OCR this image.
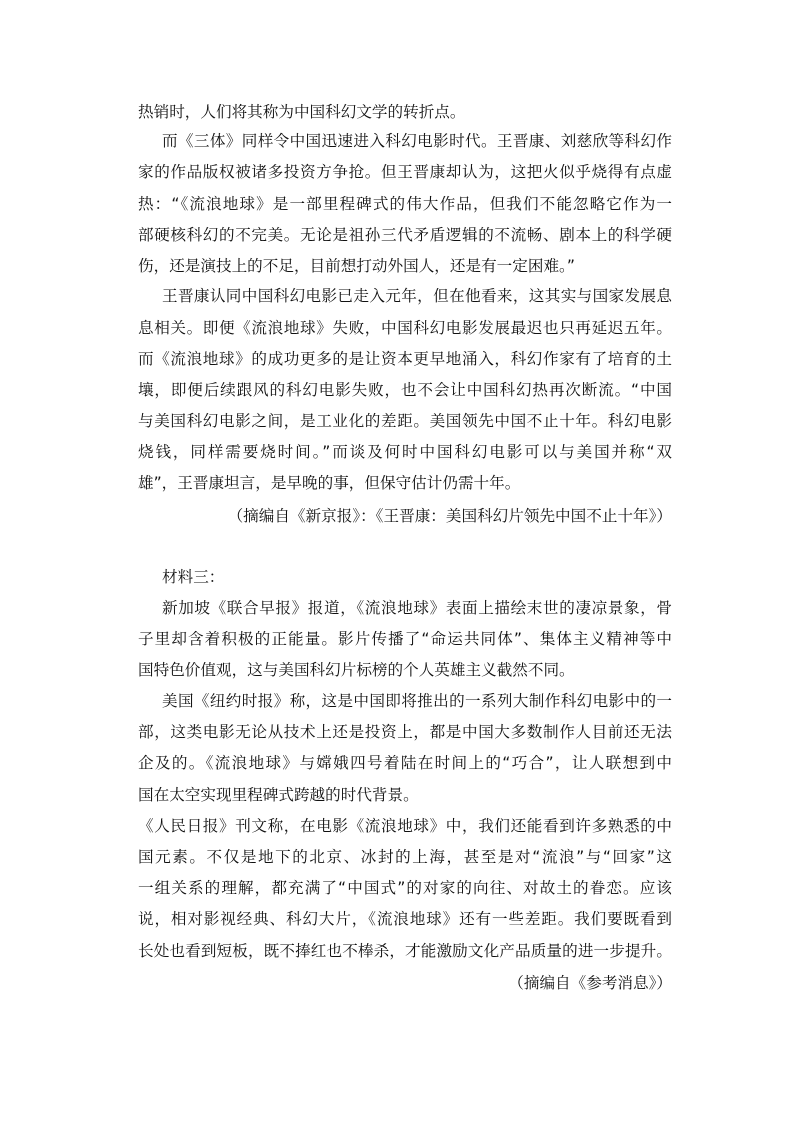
热销时，人们将其称为中国科幻文学的转折点。
而《三体》同样令中国迅速进入科幻电影时代。王晋康、刘慈欣等科幻作
家的作品版权被诸多投资方争抢。但王晋康却认为，这把火似乎烧得有点虚
热：“《流浪地球》是一部里程碑式的伟大作品，但我们不能忽略它作为一
部硬核科幻的不完美。无论是祖孙三代矛盾逻辑的不流畅、剧本上的科学硬
伤，还是演技上的不足，目前想打动外国人，还是有一定困难。”
王晋康认同中国科幻电影已走入元年，但在他看来，这其实与国家发展息
息相关。即便《流浪地球》失败，中国科幻电影发展最迟也只再延迟五年。
而《流浪地球》的成功更多的是让资本更早地涌入，科幻作家有了培育的土
壤，即便后续跟风的科幻电影失败，也不会让中国科幻热再次断流。“中国
与美国科幻电影之间，是工业化的差距。美国领先中国不止十年。科幻电影
烧钱，同样需要烧时间。”而谈及何时中国科幻电影可以与美国并称“双
雄”，王晋康坦言，是早晚的事，但保守估计仍需十年。
（摘编自《新京报》：《王晋康：美国科幻片领先中国不止十年》）
材料三：
新加坡《联合早报》报道，《流浪地球》表面上描绘末世的凄凉景象，骨
子里却含着积极的正能量。影片传播了“命运共同体”、集体主义精神等中
国特色价值观，这与美国科幻片标榜的个人英雄主义截然不同。
美国《纽约时报》称，这是中国即将推出的一系列大制作科幻电影中的一
部，这类电影无论从技术上还是投资上，都是中国大多数制作人目前还无法
企及的。《流浪地球》与嫦娥四号着陆在时间上的“巧合”，让人联想到中
国在太空实现里程碑式跨越的时代背景。
《人民日报》刊文称，在电影《流浪地球》中，我们还能看到许多熟悉的中
国元素。不仅是地下的北京、冰封的上海，甚至是对“流浪”与“回家”这
一组关系的理解，都充满了“中国式”的对家的向往、对故土的眷恋。应该
说，相对影视经典、科幻大片，《流浪地球》还有一些差距。我们要既看到
长处也看到短板，既不捧红也不棒杀，才能激励文化产品质量的进一步提升。
（摘编自《参考消息》）
